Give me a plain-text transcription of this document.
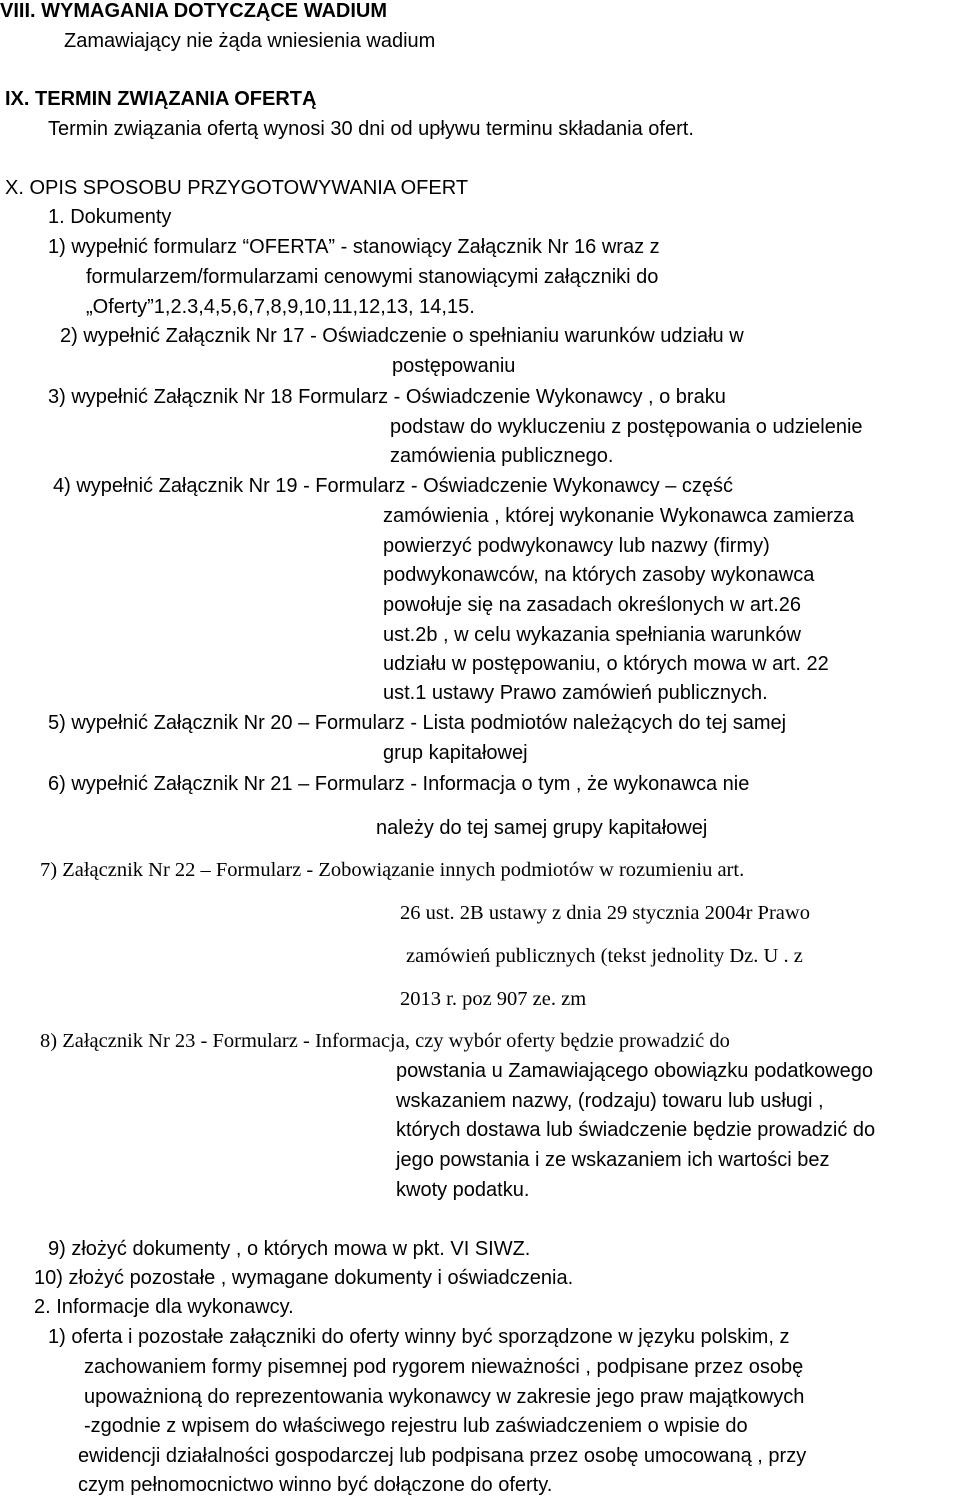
VIII. WYMAGANIA DOTYCZĄCE WADIUM
Zamawiający nie żąda wniesienia wadium
IX. TERMIN ZWIĄZANIA OFERTĄ
Termin związania ofertą wynosi 30 dni od upływu terminu składania ofert.
X. OPIS SPOSOBU PRZYGOTOWYWANIA OFERT
1. Dokumenty
1) wypełnić formularz “OFERTA” - stanowiący Załącznik Nr 16 wraz z
formularzem/formularzami cenowymi stanowiącymi załączniki do
„Oferty”1,2.3,4,5,6,7,8,9,10,11,12,13, 14,15.
2) wypełnić Załącznik Nr 17 - Oświadczenie o spełnianiu warunków udziału w
postępowaniu
3) wypełnić Załącznik Nr 18 Formularz - Oświadczenie Wykonawcy , o braku
podstaw do wykluczeniu z postępowania o udzielenie
zamówienia publicznego.
4) wypełnić Załącznik Nr 19 - Formularz - Oświadczenie Wykonawcy – część
zamówienia , której wykonanie Wykonawca zamierza
powierzyć podwykonawcy lub nazwy (firmy)
podwykonawców, na których zasoby wykonawca
powołuje się na zasadach określonych w art.26
ust.2b , w celu wykazania spełniania warunków
udziału w postępowaniu, o których mowa w art. 22
ust.1 ustawy Prawo zamówień publicznych.
5) wypełnić Załącznik Nr 20 – Formularz - Lista podmiotów należących do tej samej
grup kapitałowej
6) wypełnić Załącznik Nr 21 – Formularz - Informacja o tym , że wykonawca nie
należy do tej samej grupy kapitałowej
7) Załącznik Nr 22 – Formularz - Zobowiązanie innych podmiotów w rozumieniu art.
26 ust. 2B ustawy z dnia 29 stycznia 2004r Prawo
zamówień publicznych (tekst jednolity Dz. U . z
2013 r. poz 907 ze. zm
8) Załącznik Nr 23 - Formularz - Informacja, czy wybór oferty będzie prowadzić do
powstania u Zamawiającego obowiązku podatkowego
wskazaniem nazwy, (rodzaju) towaru lub usługi ,
których dostawa lub świadczenie będzie prowadzić do
jego powstania i ze wskazaniem ich wartości bez
kwoty podatku.
9) złożyć dokumenty , o których mowa w pkt. VI SIWZ.
10) złożyć pozostałe , wymagane dokumenty i oświadczenia.
2. Informacje dla wykonawcy.
1) oferta i pozostałe załączniki do oferty winny być sporządzone w języku polskim, z
zachowaniem formy pisemnej pod rygorem nieważności , podpisane przez osobę
upoważnioną do reprezentowania wykonawcy w zakresie jego praw majątkowych
-zgodnie z wpisem do właściwego rejestru lub zaświadczeniem o wpisie do
ewidencji działalności gospodarczej lub podpisana przez osobę umocowaną , przy
czym pełnomocnictwo winno być dołączone do oferty.
